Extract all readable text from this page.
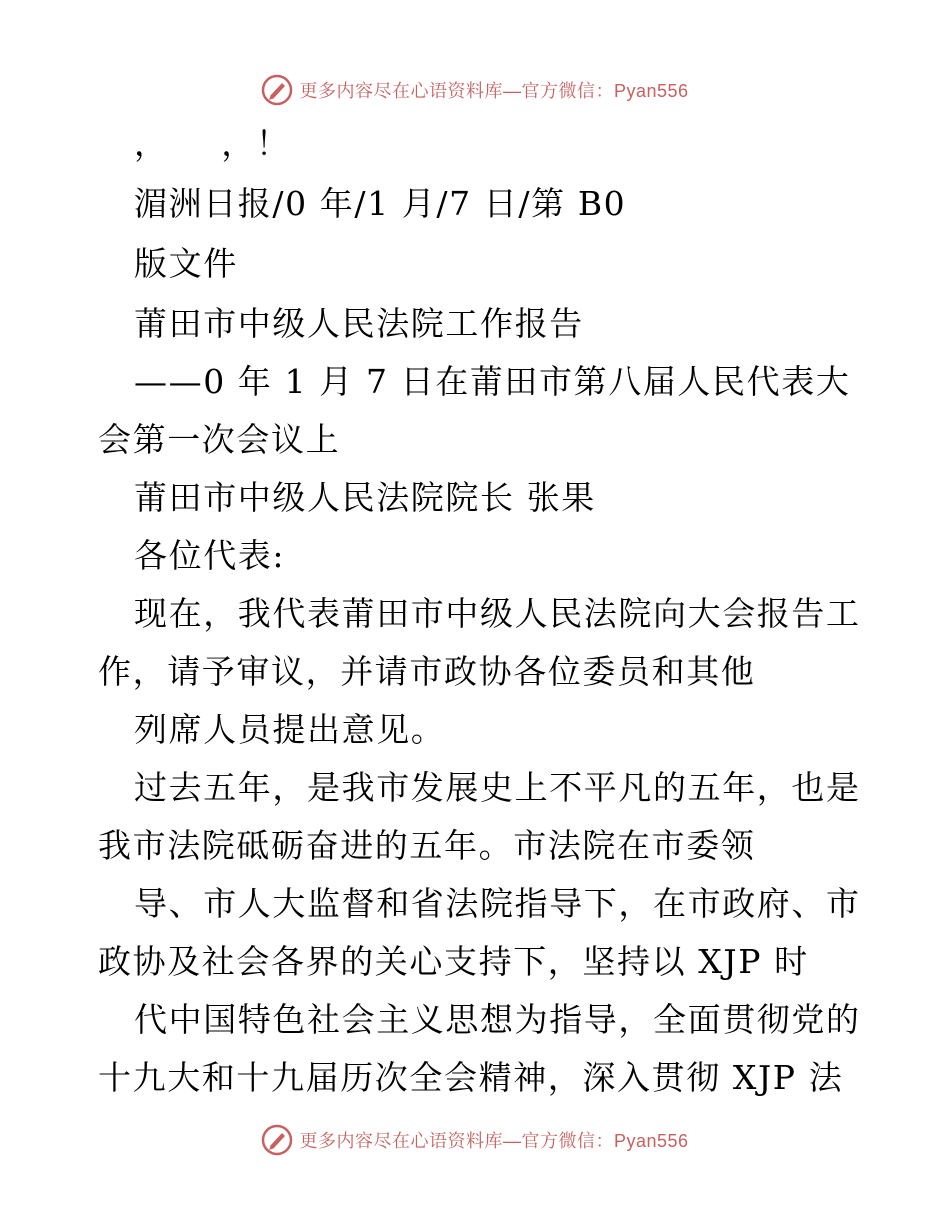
更多内容尽在心语资料库—官方微信：Pyan556
，　　，！
湄洲日报/0 年/1 月/7 日/第 B0
版文件
莆田市中级人民法院工作报告
——0 年 1 月 7 日在莆田市第八届人民代表大
会第一次会议上
莆田市中级人民法院院长 张果
各位代表:
现在，我代表莆田市中级人民法院向大会报告工
作，请予审议，并请市政协各位委员和其他
列席人员提出意见。
过去五年，是我市发展史上不平凡的五年，也是
我市法院砥砺奋进的五年。市法院在市委领
导、市人大监督和省法院指导下，在市政府、市
政协及社会各界的关心支持下，坚持以 XJP 时
代中国特色社会主义思想为指导，全面贯彻党的
十九大和十九届历次全会精神，深入贯彻 XJP 法
更多内容尽在心语资料库—官方微信：Pyan556
